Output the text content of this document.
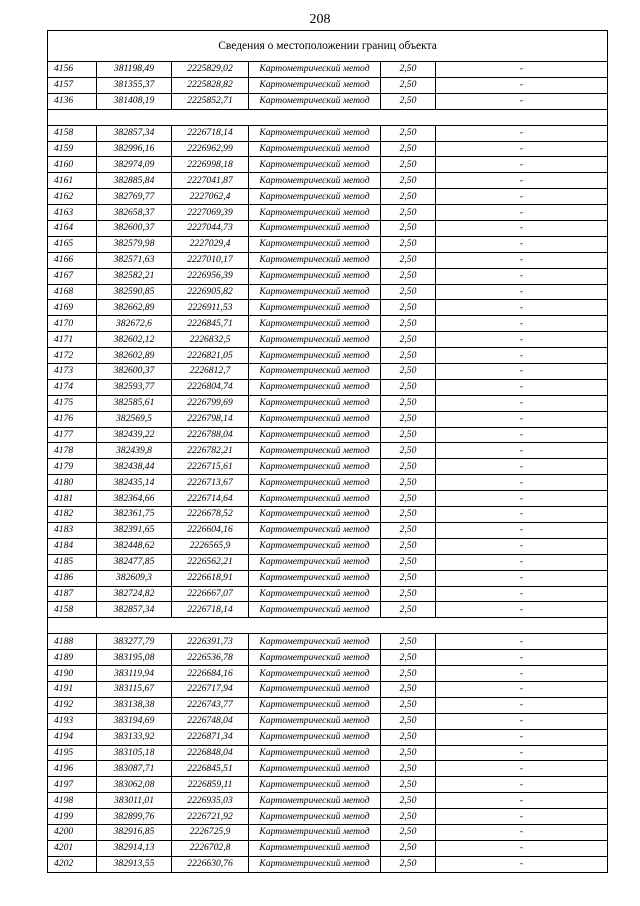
208
Сведения о местоположении границ объекта					
4156	381198,49	2225829,02	Картометрический метод	2,50	-
4157	381355,37	2225828,82	Картометрический метод	2,50	-
4136	381408,19	2225852,71	Картометрический метод	2,50	-

4158	382857,34	2226718,14	Картометрический метод	2,50	-
4159	382996,16	2226962,99	Картометрический метод	2,50	-
4160	382974,09	2226998,18	Картометрический метод	2,50	-
4161	382885,84	2227041,87	Картометрический метод	2,50	-
4162	382769,77	2227062,4	Картометрический метод	2,50	-
4163	382658,37	2227069,39	Картометрический метод	2,50	-
4164	382600,37	2227044,73	Картометрический метод	2,50	-
4165	382579,98	2227029,4	Картометрический метод	2,50	-
4166	382571,63	2227010,17	Картометрический метод	2,50	-
4167	382582,21	2226956,39	Картометрический метод	2,50	-
4168	382590,85	2226905,82	Картометрический метод	2,50	-
4169	382662,89	2226911,53	Картометрический метод	2,50	-
4170	382672,6	2226845,71	Картометрический метод	2,50	-
4171	382602,12	2226832,5	Картометрический метод	2,50	-
4172	382602,89	2226821,05	Картометрический метод	2,50	-
4173	382600,37	2226812,7	Картометрический метод	2,50	-
4174	382593,77	2226804,74	Картометрический метод	2,50	-
4175	382585,61	2226799,69	Картометрический метод	2,50	-
4176	382569,5	2226798,14	Картометрический метод	2,50	-
4177	382439,22	2226788,04	Картометрический метод	2,50	-
4178	382439,8	2226782,21	Картометрический метод	2,50	-
4179	382438,44	2226715,61	Картометрический метод	2,50	-
4180	382435,14	2226713,67	Картометрический метод	2,50	-
4181	382364,66	2226714,64	Картометрический метод	2,50	-
4182	382361,75	2226678,52	Картометрический метод	2,50	-
4183	382391,65	2226604,16	Картометрический метод	2,50	-
4184	382448,62	2226565,9	Картометрический метод	2,50	-
4185	382477,85	2226562,21	Картометрический метод	2,50	-
4186	382609,3	2226618,91	Картометрический метод	2,50	-
4187	382724,82	2226667,07	Картометрический метод	2,50	-
4158	382857,34	2226718,14	Картометрический метод	2,50	-

4188	383277,79	2226391,73	Картометрический метод	2,50	-
4189	383195,08	2226536,78	Картометрический метод	2,50	-
4190	383119,94	2226684,16	Картометрический метод	2,50	-
4191	383115,67	2226717,94	Картометрический метод	2,50	-
4192	383138,38	2226743,77	Картометрический метод	2,50	-
4193	383194,69	2226748,04	Картометрический метод	2,50	-
4194	383133,92	2226871,34	Картометрический метод	2,50	-
4195	383105,18	2226848,04	Картометрический метод	2,50	-
4196	383087,71	2226845,51	Картометрический метод	2,50	-
4197	383062,08	2226859,11	Картометрический метод	2,50	-
4198	383011,01	2226935,03	Картометрический метод	2,50	-
4199	382899,76	2226721,92	Картометрический метод	2,50	-
4200	382916,85	2226725,9	Картометрический метод	2,50	-
4201	382914,13	2226702,8	Картометрический метод	2,50	-
4202	382913,55	2226630,76	Картометрический метод	2,50	-
